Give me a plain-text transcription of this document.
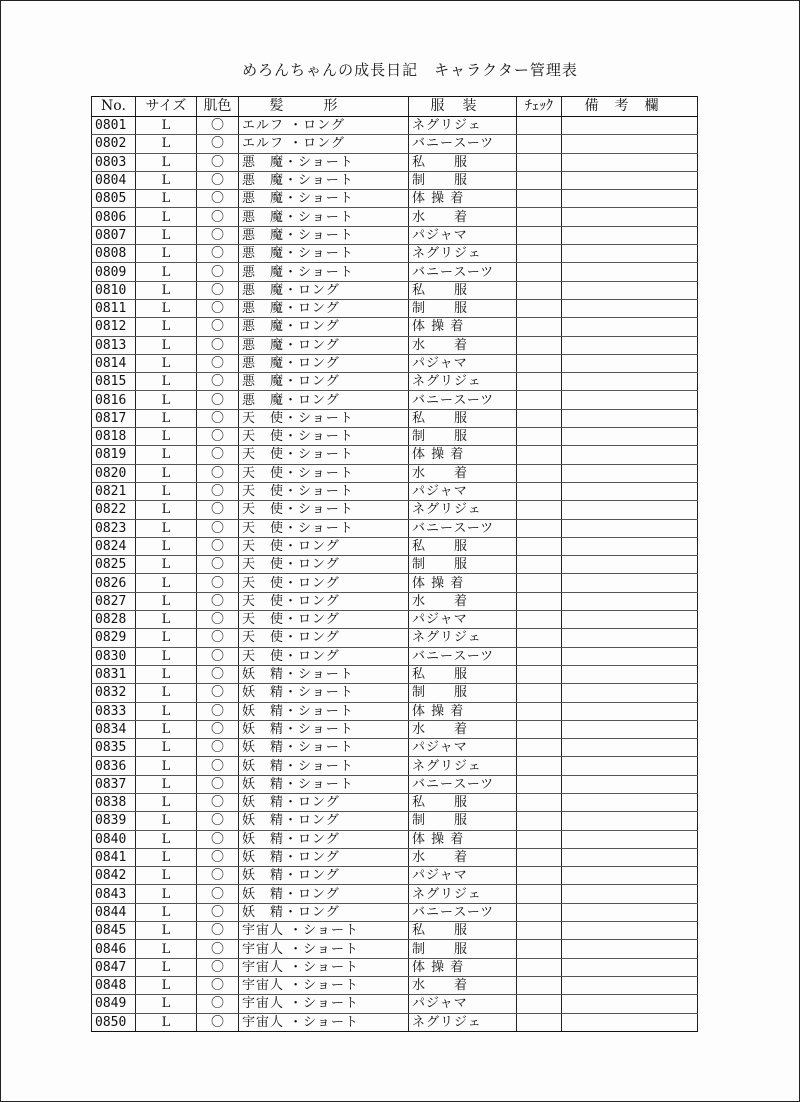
めろんちゃんの成長日記　キャラクター管理表
No.	サイズ	肌色	髪形	服装	ﾁｪｯｸ	備考欄
0801	L	〇	エルフ ・ロング	ネグリジェ		
0802	L	〇	エルフ ・ロング	バニースーツ		
0803	L	〇	悪　魔・ショート	私　　服		
0804	L	〇	悪　魔・ショート	制　　服		
0805	L	〇	悪　魔・ショート	体 操 着		
0806	L	〇	悪　魔・ショート	水　　着		
0807	L	〇	悪　魔・ショート	パジャマ		
0808	L	〇	悪　魔・ショート	ネグリジェ		
0809	L	〇	悪　魔・ショート	バニースーツ		
0810	L	〇	悪　魔・ロング	私　　服		
0811	L	〇	悪　魔・ロング	制　　服		
0812	L	〇	悪　魔・ロング	体 操 着		
0813	L	〇	悪　魔・ロング	水　　着		
0814	L	〇	悪　魔・ロング	パジャマ		
0815	L	〇	悪　魔・ロング	ネグリジェ		
0816	L	〇	悪　魔・ロング	バニースーツ		
0817	L	〇	天　使・ショート	私　　服		
0818	L	〇	天　使・ショート	制　　服		
0819	L	〇	天　使・ショート	体 操 着		
0820	L	〇	天　使・ショート	水　　着		
0821	L	〇	天　使・ショート	パジャマ		
0822	L	〇	天　使・ショート	ネグリジェ		
0823	L	〇	天　使・ショート	バニースーツ		
0824	L	〇	天　使・ロング	私　　服		
0825	L	〇	天　使・ロング	制　　服		
0826	L	〇	天　使・ロング	体 操 着		
0827	L	〇	天　使・ロング	水　　着		
0828	L	〇	天　使・ロング	パジャマ		
0829	L	〇	天　使・ロング	ネグリジェ		
0830	L	〇	天　使・ロング	バニースーツ		
0831	L	〇	妖　精・ショート	私　　服		
0832	L	〇	妖　精・ショート	制　　服		
0833	L	〇	妖　精・ショート	体 操 着		
0834	L	〇	妖　精・ショート	水　　着		
0835	L	〇	妖　精・ショート	パジャマ		
0836	L	〇	妖　精・ショート	ネグリジェ		
0837	L	〇	妖　精・ショート	バニースーツ		
0838	L	〇	妖　精・ロング	私　　服		
0839	L	〇	妖　精・ロング	制　　服		
0840	L	〇	妖　精・ロング	体 操 着		
0841	L	〇	妖　精・ロング	水　　着		
0842	L	〇	妖　精・ロング	パジャマ		
0843	L	〇	妖　精・ロング	ネグリジェ		
0844	L	〇	妖　精・ロング	バニースーツ		
0845	L	〇	宇宙人 ・ショート	私　　服		
0846	L	〇	宇宙人 ・ショート	制　　服		
0847	L	〇	宇宙人 ・ショート	体 操 着		
0848	L	〇	宇宙人 ・ショート	水　　着		
0849	L	〇	宇宙人 ・ショート	パジャマ		
0850	L	〇	宇宙人 ・ショート	ネグリジェ		
